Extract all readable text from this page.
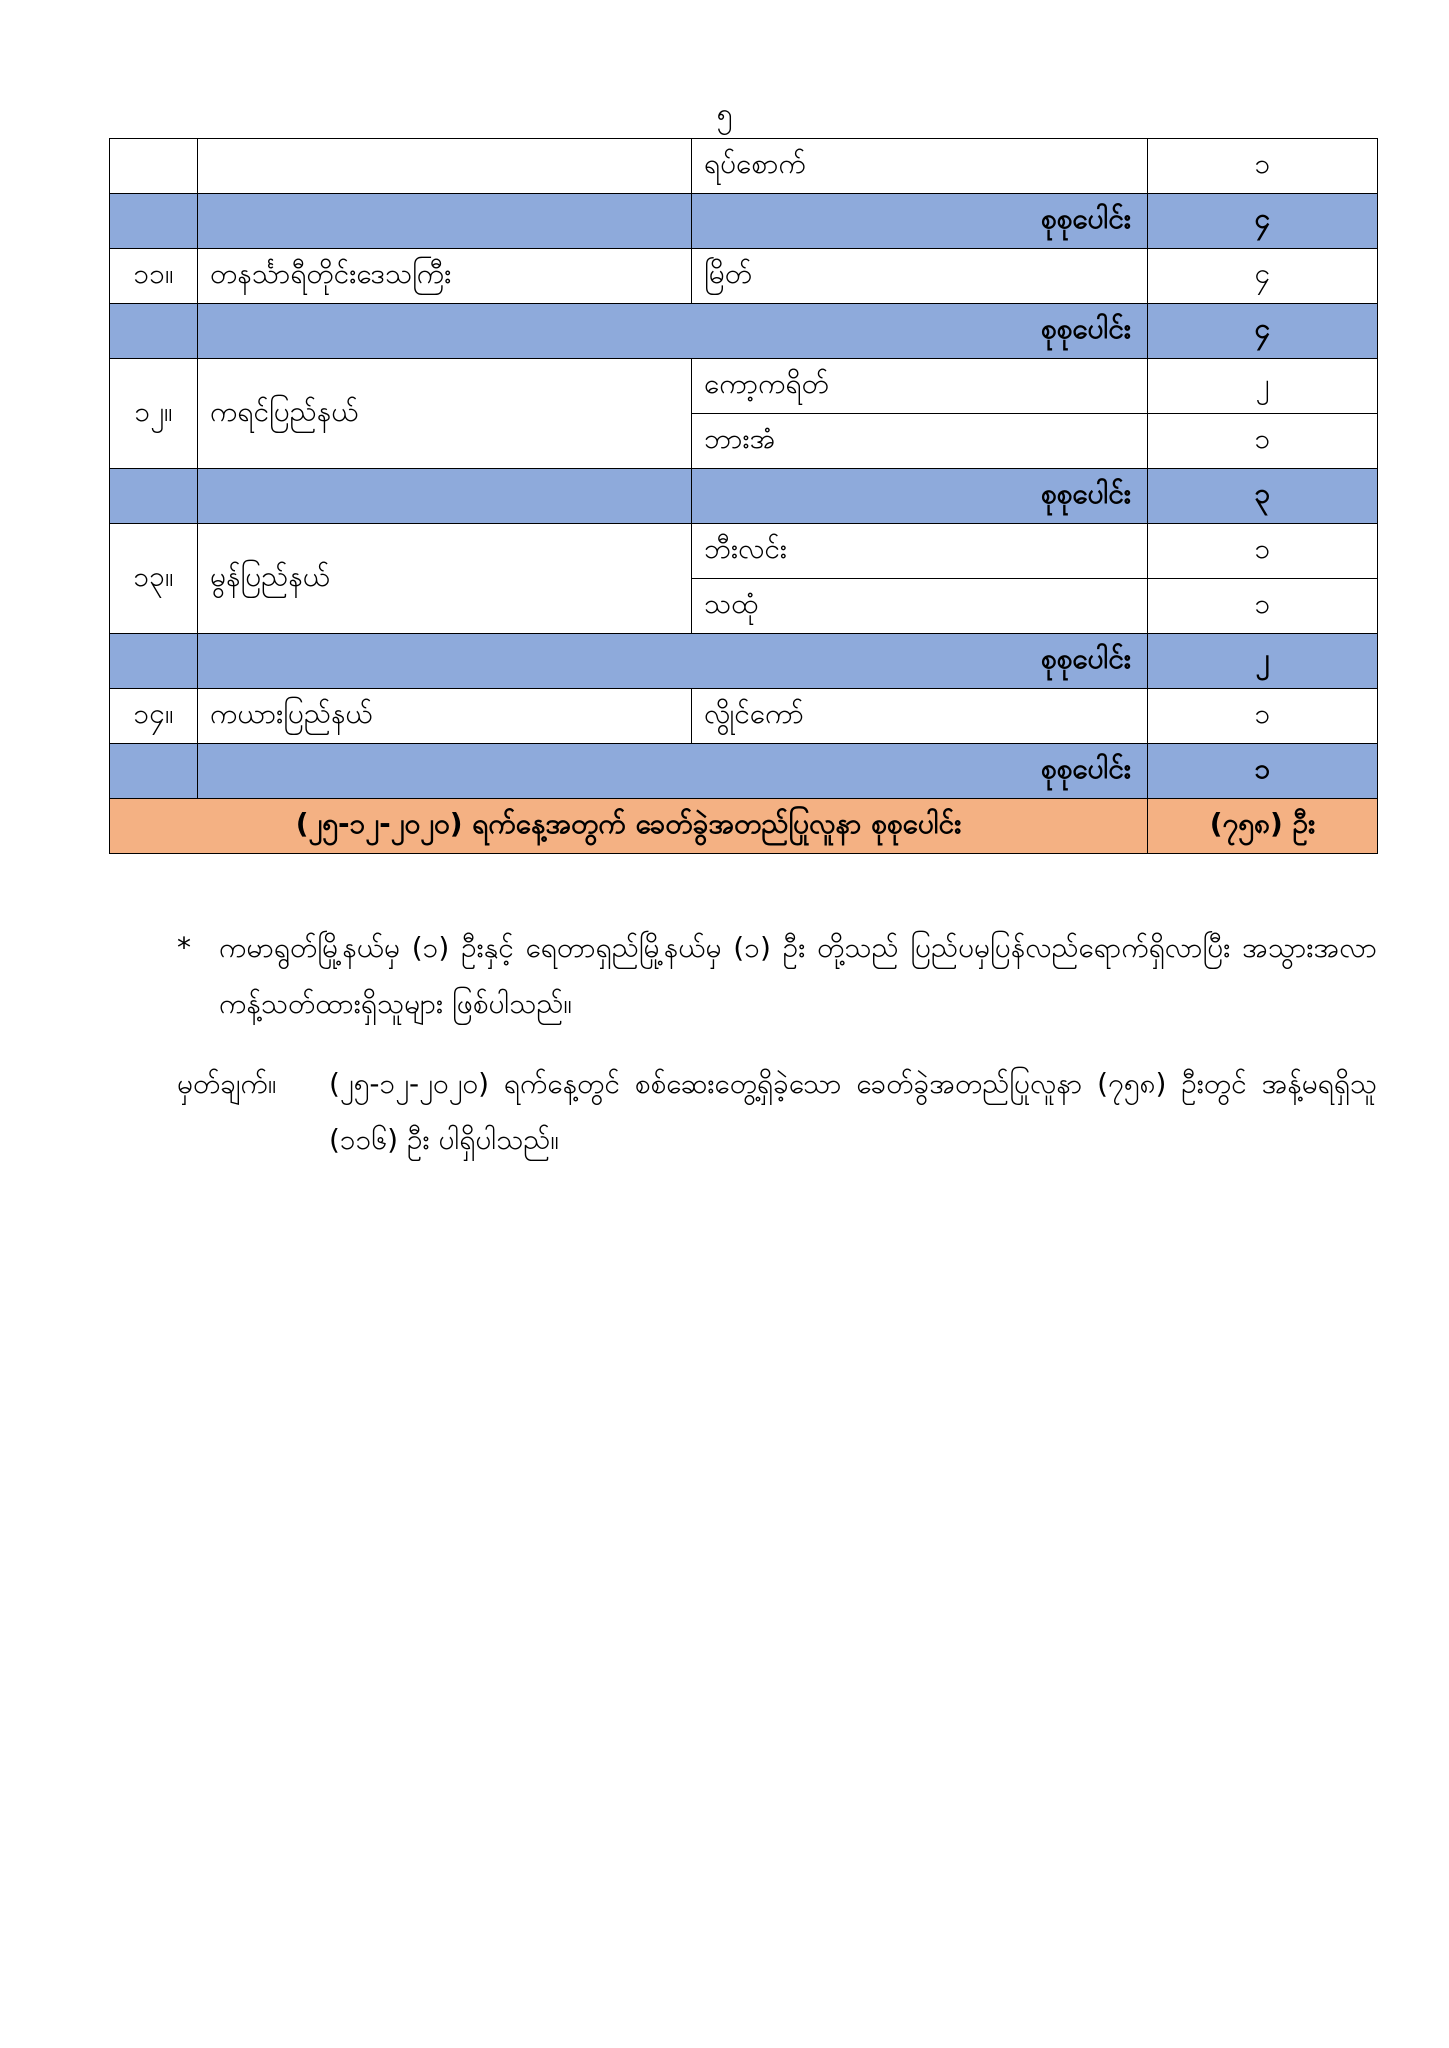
၅
		ရပ်စောက်	၁
		စုစုပေါင်း	၄
၁၁။	တနင်္သာရီတိုင်းဒေသကြီး	မြိတ်	၄
	စုစုပေါင်း		၄
၁၂။	ကရင်ပြည်နယ်	ကော့ကရိတ်	၂
		ဘားအံ	၁
		စုစုပေါင်း	၃
၁၃။	မွန်ပြည်နယ်	ဘီးလင်း	၁
		သထုံ	၁
	စုစုပေါင်း		၂
၁၄။	ကယားပြည်နယ်	လွိုင်ကော်	၁
	စုစုပေါင်း		၁
(၂၅-၁၂-၂၀၂၀) ရက်နေ့အတွက် ခေတ်ခွဲအတည်ပြုလူနာ စုစုပေါင်း			(၇၅၈) ဦး
* ကမာရွတ်မြို့နယ်မှ (၁) ဦးနှင့် ရေတာရှည်မြို့နယ်မှ (၁) ဦး တို့သည် ပြည်ပမှပြန်လည်ရောက်ရှိလာပြီး အသွားအလာကန့်သတ်ထားရှိသူများ ဖြစ်ပါသည်။
မှတ်ချက်။ (၂၅-၁၂-၂၀၂၀) ရက်နေ့တွင် စစ်ဆေးတွေ့ရှိခဲ့သော ခေတ်ခွဲအတည်ပြုလူနာ (၇၅၈) ဦးတွင် အန့်မရရှိသူ (၁၁၆) ဦး ပါရှိပါသည်။
